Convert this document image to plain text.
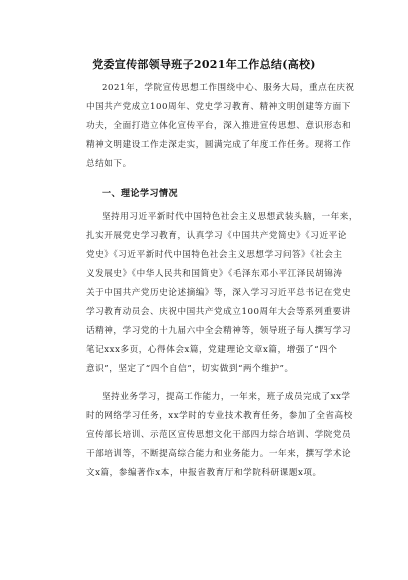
党委宣传部领导班子2021年工作总结(高校)

2021年，学院宣传思想工作围绕中心、服务大局，重点在庆祝

中国共产党成立100周年、党史学习教育、精神文明创建等方面下

功夫，全面打造立体化宣传平台，深入推进宣传思想、意识形态和

精神文明建设工作走深走实，圆满完成了年度工作任务。现将工作

总结如下。

一、理论学习情况

坚持用习近平新时代中国特色社会主义思想武装头脑，一年来，

扎实开展党史学习教育，认真学习《中国共产党简史》《习近平论

党史》《习近平新时代中国特色社会主义思想学习问答》《社会主

义发展史》《中华人民共和国简史》《毛泽东邓小平江泽民胡锦涛

关于中国共产党历史论述摘编》等，深入学习习近平总书记在党史

学习教育动员会、庆祝中国共产党成立100周年大会等系列重要讲

话精神，学习党的十九届六中全会精神等，领导班子每人撰写学习

笔记xxx多页，心得体会x篇，党建理论文章x篇，增强了“四个

意识”，坚定了“四个自信”，切实做到“两个维护”。

坚持业务学习，提高工作能力，一年来，班子成员完成了xx学

时的网络学习任务，xx学时的专业技术教育任务，参加了全省高校

宣传部长培训、示范区宣传思想文化干部四力综合培训、学院党员

干部培训等，不断提高综合能力和业务能力。一年来，撰写学术论

文x篇，参编著作x本，申报省教育厅和学院科研课题x项。
